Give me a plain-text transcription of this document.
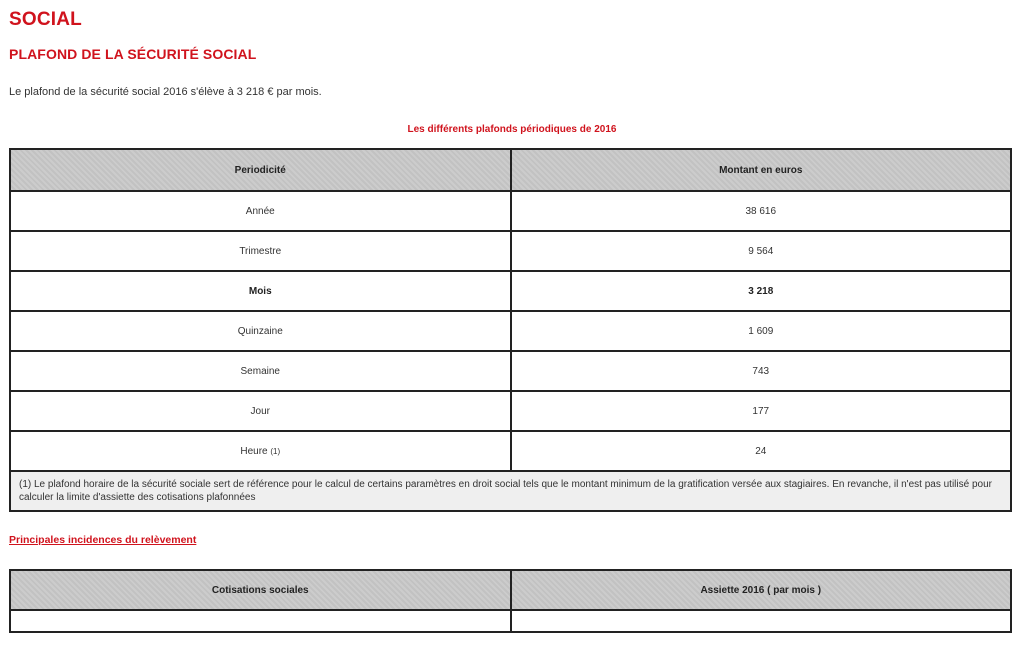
SOCIAL
PLAFOND DE LA SÉCURITÉ SOCIAL
Le plafond de la sécurité social 2016 s'élève à 3 218 € par mois.
Les différents plafonds périodiques de 2016
Periodicité	Montant en euros
Année	38 616
Trimestre	9 564
Mois	3 218
Quinzaine	1 609
Semaine	743
Jour	177
Heure (1)	24
(1) Le plafond horaire de la sécurité sociale sert de référence pour le calcul de certains paramètres en droit social tels que le montant minimum de la gratification versée aux stagiaires. En revanche, il n'est pas utilisé pour calculer la limite d'assiette des cotisations plafonnées	
Principales incidences du relèvement
Cotisations sociales	Assiette 2016 ( par mois )
